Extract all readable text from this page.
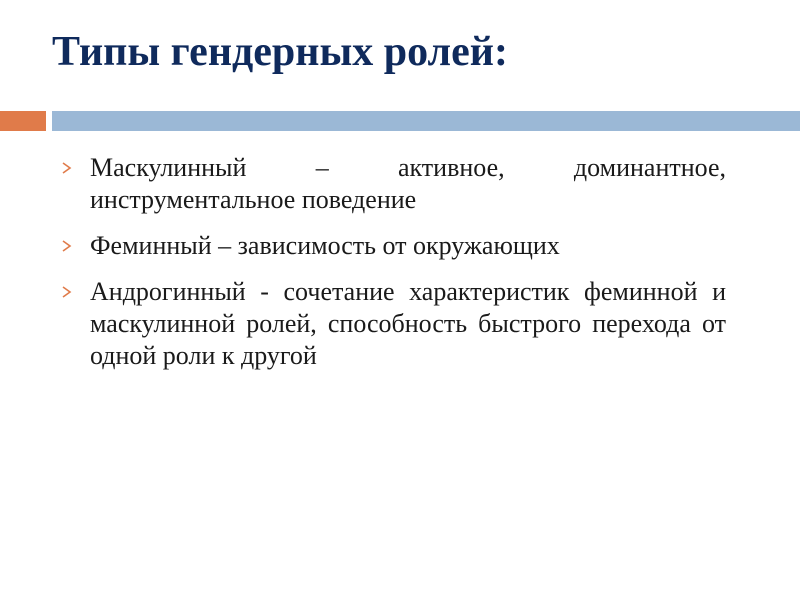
Типы гендерных ролей:
Маскулинный – активное, доминантное, инструментальное поведение
Феминный – зависимость от окружающих
Андрогинный - сочетание характеристик феминной и маскулинной ролей, способность быстрого перехода от одной роли к другой
